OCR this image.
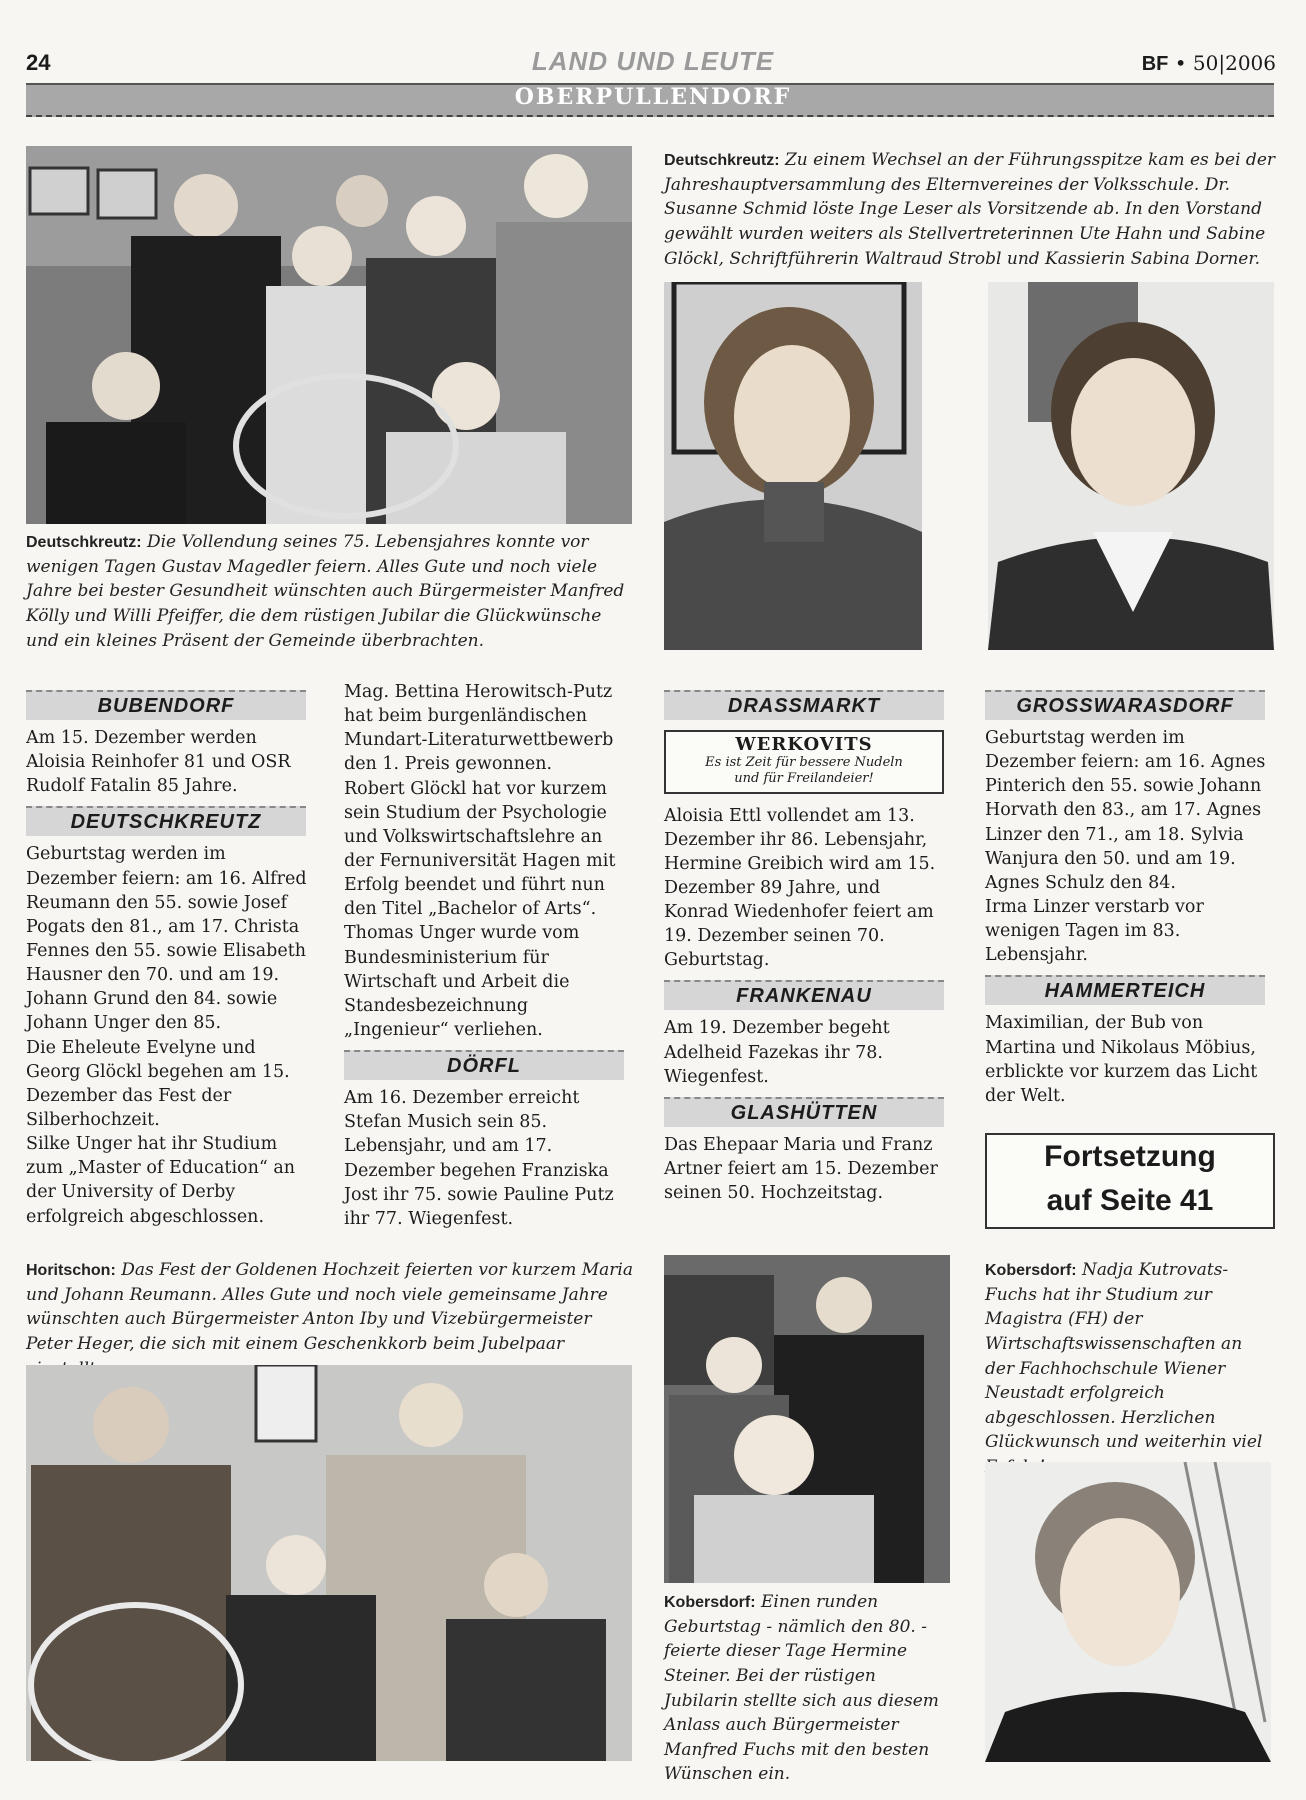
24	LAND UND LEUTE	BF • 50|2006
OBERPULLENDORF
Deutschkreutz: Die Vollendung seines 75. Lebensjahres konnte vor wenigen Tagen Gustav Magedler feiern. Alles Gute und noch viele Jahre bei bester Gesundheit wünschten auch Bürgermeister Manfred Kölly und Willi Pfeiffer, die dem rüstigen Jubilar die Glückwünsche und ein kleines Präsent der Gemeinde überbrachten.
Deutschkreutz: Zu einem Wechsel an der Führungsspitze kam es bei der Jahreshauptversammlung des Elternvereines der Volksschule. Dr. Susanne Schmid löste Inge Leser als Vorsitzende ab. In den Vorstand gewählt wurden weiters als Stellvertreterinnen Ute Hahn und Sabine Glöckl, Schriftführerin Waltraud Strobl und Kassierin Sabina Dorner.
BUBENDORF

Am 15. Dezember werden Aloisia Reinhofer 81 und OSR Rudolf Fatalin 85 Jahre.

DEUTSCHKREUTZ

Geburtstag werden im Dezember feiern: am 16. Alfred Reumann den 55. sowie Josef Pogats den 81., am 17. Christa Fennes den 55. sowie Elisabeth Hausner den 70. und am 19. Johann Grund den 84. sowie Johann Unger den 85.

Die Eheleute Evelyne und Georg Glöckl begehen am 15. Dezember das Fest der Silberhochzeit.

Silke Unger hat ihr Studium zum „Master of Education“ an der University of Derby erfolgreich abgeschlossen.

Mag. Bettina Herowitsch-Putz hat beim burgenländischen Mundart-Literaturwettbewerb den 1. Preis gewonnen.

Robert Glöckl hat vor kurzem sein Studium der Psychologie und Volkswirtschaftslehre an der Fernuniversität Hagen mit Erfolg beendet und führt nun den Titel „Bachelor of Arts“.

Thomas Unger wurde vom Bundesministerium für Wirtschaft und Arbeit die Standesbezeichnung „Ingenieur“ verliehen.

DÖRFL

Am 16. Dezember erreicht Stefan Musich sein 85. Lebensjahr, und am 17. Dezember begehen Franziska Jost ihr 75. sowie Pauline Putz ihr 77. Wiegenfest.

DRASSMARKT
WERKOVITS
Es ist Zeit für bessere Nudeln
und für Freilandeier!

Aloisia Ettl vollendet am 13. Dezember ihr 86. Lebensjahr, Hermine Greibich wird am 15. Dezember 89 Jahre, und Konrad Wiedenhofer feiert am 19. Dezember seinen 70. Geburtstag.

FRANKENAU

Am 19. Dezember begeht Adelheid Fazekas ihr 78. Wiegenfest.

GLASHÜTTEN

Das Ehepaar Maria und Franz Artner feiert am 15. Dezember seinen 50. Hochzeitstag.

GROSSWARASDORF

Geburtstag werden im Dezember feiern: am 16. Agnes Pinterich den 55. sowie Johann Horvath den 83., am 17. Agnes Linzer den 71., am 18. Sylvia Wanjura den 50. und am 19. Agnes Schulz den 84.

Irma Linzer verstarb vor wenigen Tagen im 83. Lebensjahr.

HAMMERTEICH

Maximilian, der Bub von Martina und Nikolaus Möbius, erblickte vor kurzem das Licht der Welt.

Fortsetzung
auf Seite 41
Horitschon: Das Fest der Goldenen Hochzeit feierten vor kurzem Maria und Johann Reumann. Alles Gute und noch viele gemeinsame Jahre wünschten auch Bürgermeister Anton Iby und Vizebürgermeister Peter Heger, die sich mit einem Geschenkkorb beim Jubelpaar
Kobersdorf: Einen runden Geburtstag - nämlich den 80. - feierte dieser Tage Hermine Steiner. Bei der rüstigen Jubilarin stellte sich aus diesem Anlass auch Bürgermeister Manfred Fuchs mit den besten Wünschen ein.
Kobersdorf: Nadja Kutrovats-Fuchs hat ihr Studium zur Magistra (FH) der Wirtschaftswissenschaften an der Fachhochschule Wiener Neustadt erfolgreich abgeschlossen. Herzlichen Glückwunsch und weiterhin viel
